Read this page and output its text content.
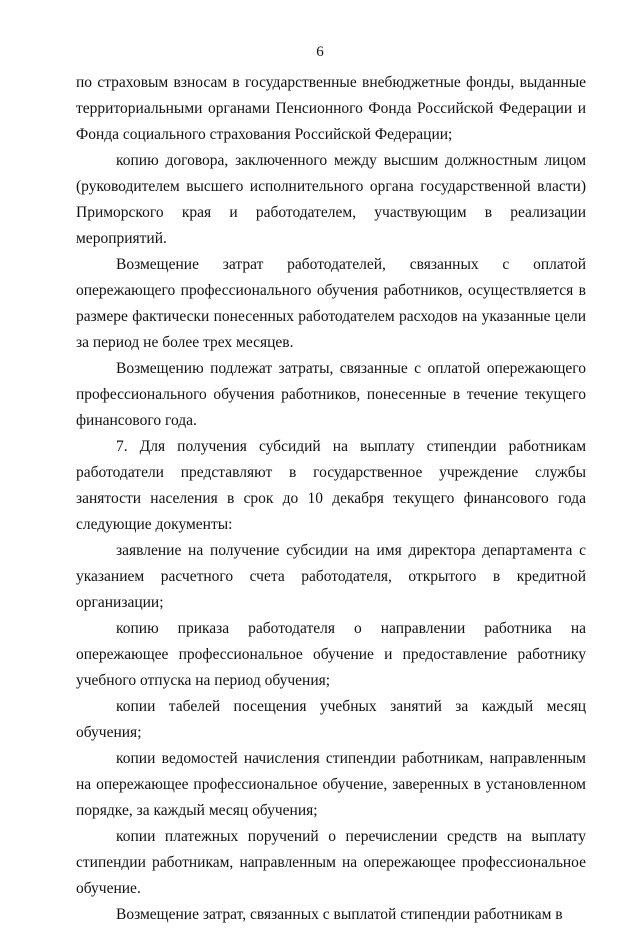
6

по страховым взносам в государственные внебюджетные фонды, выданные территориальными органами Пенсионного Фонда Российской Федерации и Фонда социального страхования Российской Федерации;

копию договора, заключенного между высшим должностным лицом (руководителем высшего исполнительного органа государственной власти) Приморского края и работодателем, участвующим в реализации мероприятий.

Возмещение затрат работодателей, связанных с оплатой опережающего профессионального обучения работников, осуществляется в размере фактически понесенных работодателем расходов на указанные цели за период не более трех месяцев.

Возмещению подлежат затраты, связанные с оплатой опережающего профессионального обучения работников, понесенные в течение текущего финансового года.

7. Для получения субсидий на выплату стипендии работникам работодатели представляют в государственное учреждение службы занятости населения в срок до 10 декабря текущего финансового года следующие документы:

заявление на получение субсидии на имя директора департамента с указанием расчетного счета работодателя, открытого в кредитной организации;

копию приказа работодателя о направлении работника на опережающее профессиональное обучение и предоставление работнику учебного отпуска на период обучения;

копии табелей посещения учебных занятий за каждый месяц обучения;

копии ведомостей начисления стипендии работникам, направленным на опережающее профессиональное обучение, заверенных в установленном порядке, за каждый месяц обучения;

копии платежных поручений о перечислении средств на выплату стипендии работникам, направленным на опережающее профессиональное обучение.

Возмещение затрат, связанных с выплатой стипендии работникам в
